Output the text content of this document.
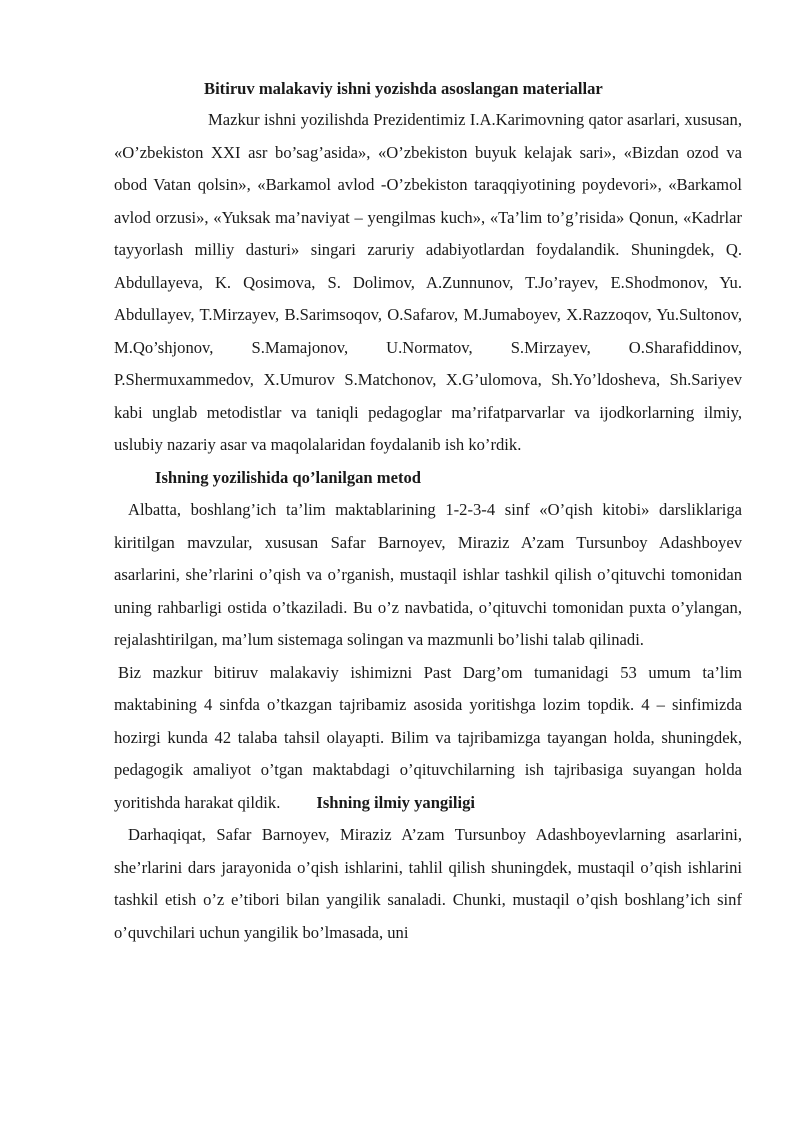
Bitiruv malakaviy ishni yozishda asoslangan materiallar

Mazkur ishni yozilishda Prezidentimiz I.A.Karimovning qator asarlari, xususan, «O’zbekiston XXI asr bo’sag’asida», «O’zbekiston buyuk kelajak sari», «Bizdan ozod va obod Vatan qolsin», «Barkamol avlod -O’zbekiston taraqqiyotining poydevori», «Barkamol avlod orzusi», «Yuksak ma’naviyat – yengilmas kuch», «Ta’lim to’g’risida» Qonun, «Kadrlar tayyorlash milliy dasturi» singari zaruriy adabiyotlardan foydalandik. Shuningdek, Q. Abdullayeva, K. Qosimova, S. Dolimov, A.Zunnunov, T.Jo’rayev, E.Shodmonov, Yu. Abdullayev, T.Mirzayev, B.Sarimsoqov, O.Safarov, M.Jumaboyev, X.Razzoqov, Yu.Sultonov, M.Qo’shjonov, S.Mamajonov, U.Normatov, S.Mirzayev, O.Sharafiddinov, P.Shermuxammedov, X.Umurov S.Matchonov, X.G’ulomova, Sh.Yo’ldosheva, Sh.Sariyev kabi unglab metodistlar va taniqli pedagoglar ma’rifatparvarlar va ijodkorlarning ilmiy, uslubiy nazariy asar va maqolalaridan foydalanib ish ko’rdik.

Ishning yozilishida qo’lanilgan metod

Albatta, boshlang’ich ta’lim maktablarining 1-2-3-4 sinf «O’qish kitobi» darsliklariga kiritilgan mavzular, xususan Safar Barnoyev, Miraziz A’zam Tursunboy Adashboyev asarlarini, she’rlarini o’qish va o’rganish, mustaqil ishlar tashkil qilish o’qituvchi tomonidan uning rahbarligi ostida o’tkaziladi. Bu o’z navbatida, o’qituvchi tomonidan puxta o’ylangan, rejalashtirilgan, ma’lum sistemaga solingan va mazmunli bo’lishi talab qilinadi.

Biz mazkur bitiruv malakaviy ishimizni Past Darg’om tumanidagi 53 umum ta’lim maktabining 4 sinfda o’tkazgan tajribamiz asosida yoritishga lozim topdik. 4 – sinfimizda hozirgi kunda 42 talaba tahsil olayapti. Bilim va tajribamizga tayangan holda, shuningdek, pedagogik amaliyot o’tgan maktabdagi o’qituvchilarning ish tajribasiga suyangan holda yoritishda harakat qildik. Ishning ilmiy yangiligi

Darhaqiqat, Safar Barnoyev, Miraziz A’zam Tursunboy Adashboyevlarning asarlarini, she’rlarini dars jarayonida o’qish ishlarini, tahlil qilish shuningdek, mustaqil o’qish ishlarini tashkil etish o’z e’tibori bilan yangilik sanaladi. Chunki, mustaqil o’qish boshlang’ich sinf o’quvchilari uchun yangilik bo’lmasada, uni
